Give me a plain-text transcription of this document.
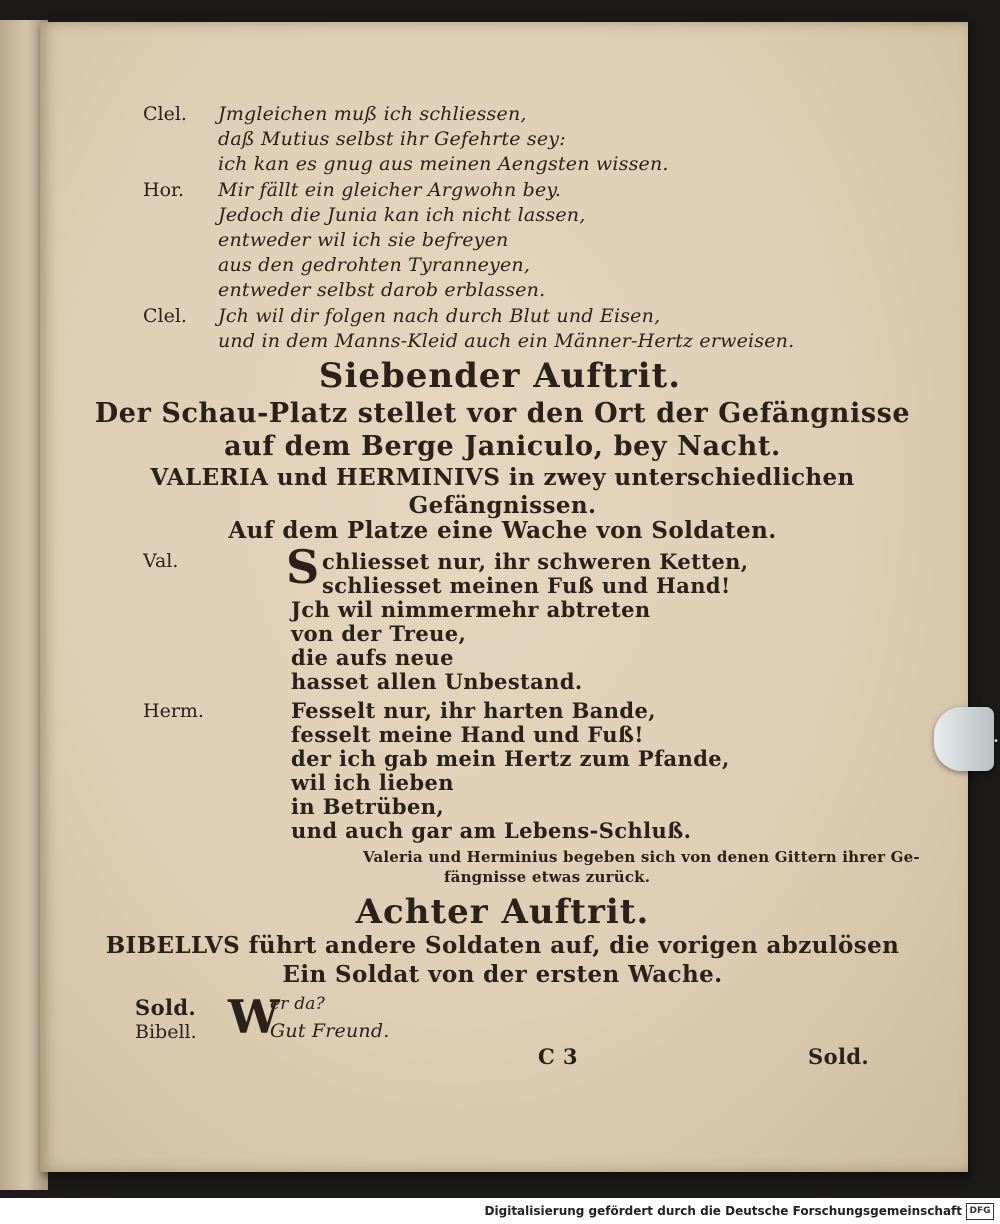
•
Clel. Jmgleichen muß ich schliessen,
daß Mutius selbst ihr Gefehrte sey:
ich kan es gnug aus meinen Aengsten wissen.
Hor. Mir fällt ein gleicher Argwohn bey.
Jedoch die Junia kan ich nicht lassen,
entweder wil ich sie befreyen
aus den gedrohten Tyranneyen,
entweder selbst darob erblassen.
Clel. Jch wil dir folgen nach durch Blut und Eisen,
und in dem Manns-Kleid auch ein Männer-Hertz erweisen.
Siebender Auftrit.
Der Schau-Platz stellet vor den Ort der Gefängnisse
auf dem Berge Janiculo, bey Nacht.
VALERIA und HERMINIVS in zwey unterschiedlichen
Gefängnissen.
Auf dem Platze eine Wache von Soldaten.
Val. S chliesset nur, ihr schweren Ketten,
schliesset meinen Fuß und Hand!
Jch wil nimmermehr abtreten
von der Treue,
die aufs neue
hasset allen Unbestand.
Herm.	Fesselt nur, ihr harten Bande,
fesselt meine Hand und Fuß!
der ich gab mein Hertz zum Pfande,
wil ich lieben
in Betrüben,
und auch gar am Lebens-Schluß.
Valeria und Herminius begeben sich von denen Gittern ihrer Ge-
fängnisse etwas zurück.
Achter Auftrit.
BIBELLVS führt andere Soldaten auf, die vorigen abzulösen
Ein Soldat von der ersten Wache.
Sold. W
er da?
Bibell.	Gut Freund.
C 3	Sold.
Digitalisierung gefördert durch die Deutsche Forschungsgemeinschaft DFG
